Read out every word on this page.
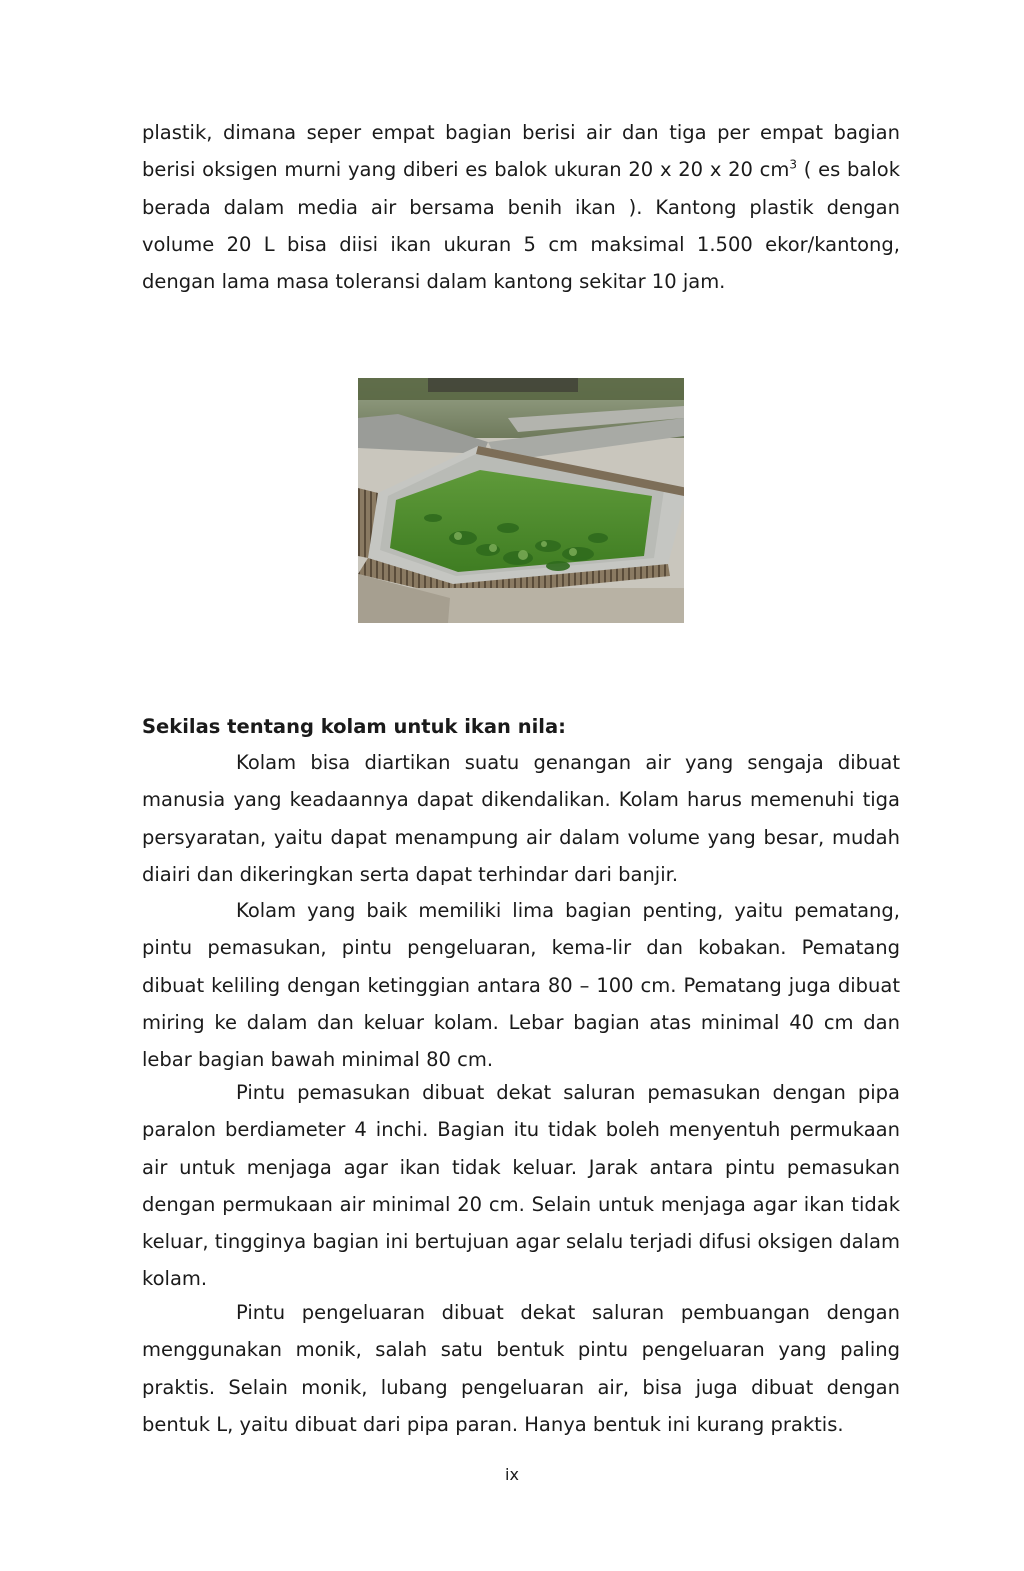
plastik, dimana seper empat bagian berisi air dan tiga per empat bagian berisi oksigen murni yang diberi es balok ukuran 20 x 20 x 20 $cm^3$ ( es balok berada dalam media air bersama benih ikan ). Kantong plastik dengan volume 20 L bisa diisi ikan ukuran 5 cm maksimal 1.500 ekor/kantong, dengan lama masa toleransi dalam kantong sekitar 10 jam.

Sekilas tentang kolam untuk ikan nila:

Kolam bisa diartikan suatu genangan air yang sengaja dibuat manusia yang keadaannya dapat dikendalikan. Kolam harus memenuhi tiga persyaratan, yaitu dapat menampung air dalam volume yang besar, mudah diairi dan dikeringkan serta dapat terhindar dari banjir.

Kolam yang baik memiliki lima bagian penting, yaitu pematang, pintu pemasukan, pintu pengeluaran, kema-lir dan kobakan. Pematang dibuat keliling dengan ketinggian antara 80 – 100 cm. Pematang juga dibuat miring ke dalam dan keluar kolam. Lebar bagian atas minimal 40 cm dan lebar bagian bawah minimal 80 cm.

Pintu pemasukan dibuat dekat saluran pemasukan dengan pipa paralon berdiameter 4 inchi. Bagian itu tidak boleh menyentuh permukaan air untuk menjaga agar ikan tidak keluar. Jarak antara pintu pemasukan dengan permukaan air minimal 20 cm. Selain untuk menjaga agar ikan tidak keluar, tingginya bagian ini bertujuan agar selalu terjadi difusi oksigen dalam kolam.

Pintu pengeluaran dibuat dekat saluran pembuangan dengan menggunakan monik, salah satu bentuk pintu pengeluaran yang paling praktis. Selain monik, lubang pengeluaran air, bisa juga dibuat dengan bentuk L, yaitu dibuat dari pipa paran. Hanya bentuk ini kurang praktis.

ix
